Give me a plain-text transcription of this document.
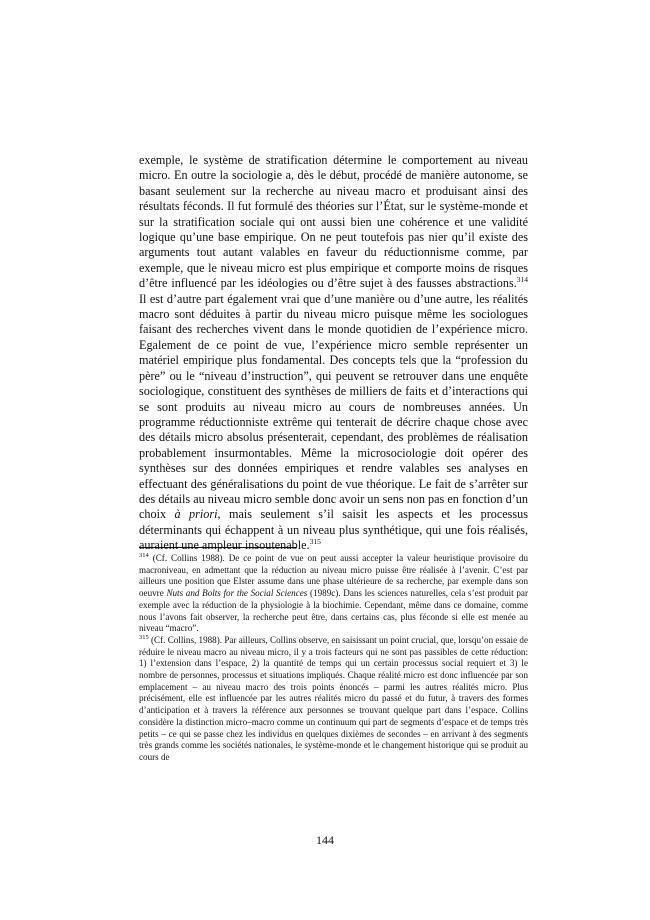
exemple, le système de stratification détermine le comportement au niveau micro. En outre la sociologie a, dès le début, procédé de manière autonome, se basant seulement sur la recherche au niveau macro et produisant ainsi des résultats féconds. Il fut formulé des théories sur l’État, sur le système-monde et sur la stratification sociale qui ont aussi bien une cohérence et une validité logique qu’une base empirique. On ne peut toutefois pas nier qu’il existe des arguments tout autant valables en faveur du réductionnisme comme, par exemple, que le niveau micro est plus empirique et comporte moins de risques d’être influencé par les idéologies ou d’être sujet à des fausses abstractions.$^{314}$ Il est d’autre part également vrai que d’une manière ou d’une autre, les réalités macro sont déduites à partir du niveau micro puisque même les sociologues faisant des recherches vivent dans le monde quotidien de l’expérience micro. Egalement de ce point de vue, l’expérience micro semble représenter un matériel empirique plus fondamental. Des concepts tels que la “profession du père” ou le “niveau d’instruction”, qui peuvent se retrouver dans une enquête sociologique, constituent des synthèses de milliers de faits et d’interactions qui se sont produits au niveau micro au cours de nombreuses années. Un programme réductionniste extrême qui tenterait de décrire chaque chose avec des détails micro absolus présenterait, cependant, des problèmes de réalisation probablement insurmontables. Même la microsociologie doit opérer des synthèses sur des données empiriques et rendre valables ses analyses en effectuant des généralisations du point de vue théorique. Le fait de s’arrêter sur des détails au niveau micro semble donc avoir un sens non pas en fonction d’un choix à priori, mais seulement s’il saisit les aspects et les processus déterminants qui échappent à un niveau plus synthétique, qui une fois réalisés, auraient une ampleur insoutenable.$^{315}$

$^{314}$ (Cf. Collins 1988). De ce point de vue on peut aussi accepter la valeur heuristique provisoire du macroniveau, en admettant que la réduction au niveau micro puisse être réalisée à l’avenir. C’est par ailleurs une position que Elster assume dans une phase ultérieure de sa recherche, par exemple dans son oeuvre Nuts and Bolts for the Social Sciences (1989c). Dans les sciences naturelles, cela s’est produit par exemple avec la réduction de la physiologie à la biochimie. Cependant, même dans ce domaine, comme nous l’avons fait observer, la recherche peut être, dans certains cas, plus féconde si elle est menée au niveau “macro”.

$^{315}$ (Cf. Collins, 1988). Par ailleurs, Collins observe, en saisissant un point crucial, que, lorsqu’on essaie de réduire le niveau macro au niveau micro, il y a trois facteurs qui ne sont pas passibles de cette réduction: 1) l’extension dans l’espace, 2) la quantité de temps qui un certain processus social requiert et 3) le nombre de personnes, processus et situations impliqués. Chaque réalité micro est donc influencée par son emplacement – au niveau macro des trois points énoncés – parmi les autres réalités micro. Plus précisément, elle est influencée par les autres réalités micro du passé et du futur, à travers des formes d’anticipation et à travers la référence aux personnes se trouvant quelque part dans l’espace. Collins considère la distinction micro–macro comme un continuum qui part de segments d’espace et de temps très petits – ce qui se passe chez les individus en quelques dixièmes de secondes – en arrivant à des segments très grands comme les sociétés nationales, le système-monde et le changement historique qui se produit au cours de

144
